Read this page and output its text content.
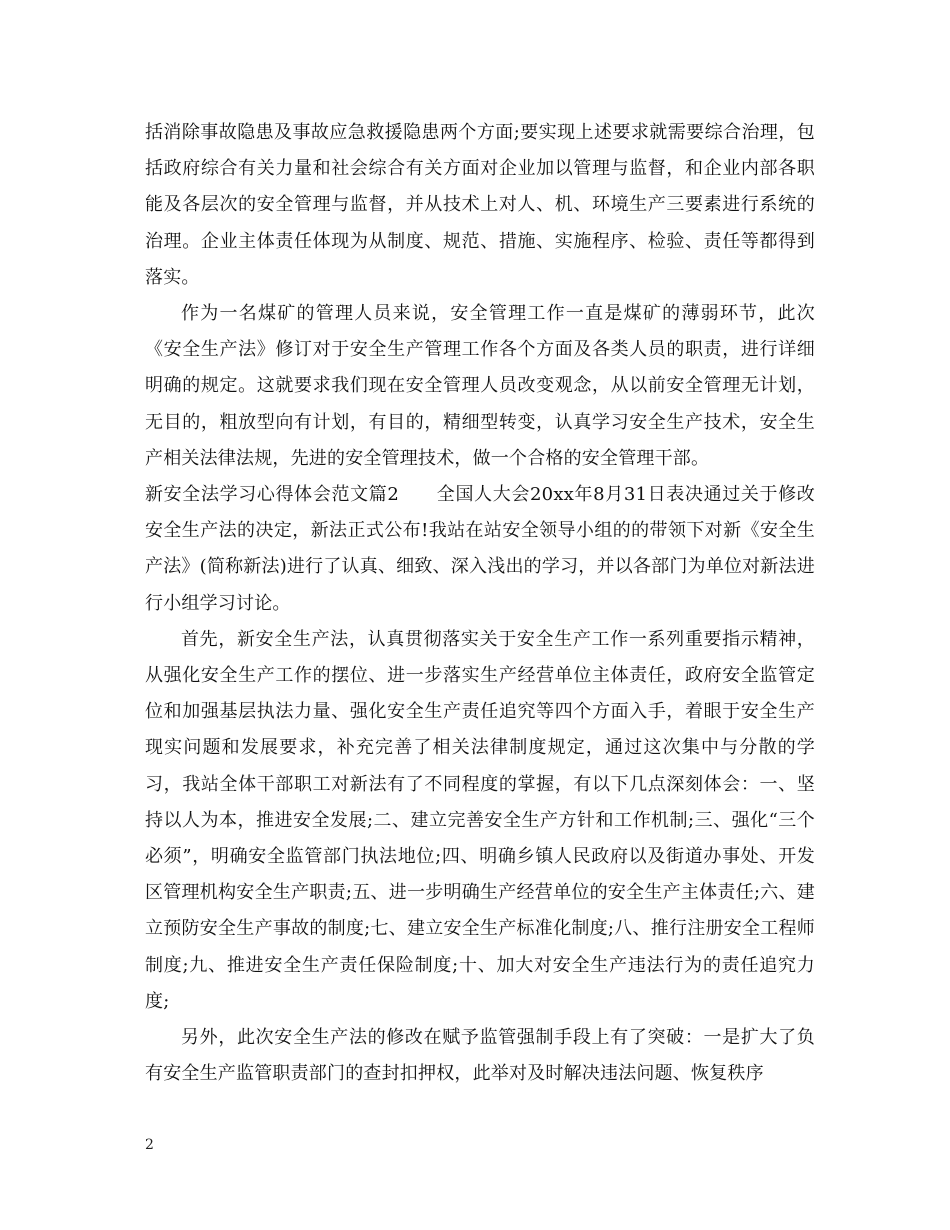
括消除事故隐患及事故应急救援隐患两个方面;要实现上述要求就需要综合治理，包括政府综合有关力量和社会综合有关方面对企业加以管理与监督，和企业内部各职能及各层次的安全管理与监督，并从技术上对人、机、环境生产三要素进行系统的治理。企业主体责任体现为从制度、规范、措施、实施程序、检验、责任等都得到落实。

作为一名煤矿的管理人员来说，安全管理工作一直是煤矿的薄弱环节，此次《安全生产法》修订对于安全生产管理工作各个方面及各类人员的职责，进行详细明确的规定。这就要求我们现在安全管理人员改变观念，从以前安全管理无计划，无目的，粗放型向有计划，有目的，精细型转变，认真学习安全生产技术，安全生产相关法律法规，先进的安全管理技术，做一个合格的安全管理干部。

新安全法学习心得体会范文篇2　　全国人大会20xx年8月31日表决通过关于修改安全生产法的决定，新法正式公布!我站在站安全领导小组的的带领下对新《安全生产法》(简称新法)进行了认真、细致、深入浅出的学习，并以各部门为单位对新法进行小组学习讨论。

首先，新安全生产法，认真贯彻落实关于安全生产工作一系列重要指示精神，从强化安全生产工作的摆位、进一步落实生产经营单位主体责任，政府安全监管定位和加强基层执法力量、强化安全生产责任追究等四个方面入手，着眼于安全生产现实问题和发展要求，补充完善了相关法律制度规定，通过这次集中与分散的学习，我站全体干部职工对新法有了不同程度的掌握，有以下几点深刻体会：一、坚持以人为本，推进安全发展;二、建立完善安全生产方针和工作机制;三、强化“三个必须”，明确安全监管部门执法地位;四、明确乡镇人民政府以及街道办事处、开发区管理机构安全生产职责;五、进一步明确生产经营单位的安全生产主体责任;六、建立预防安全生产事故的制度;七、建立安全生产标准化制度;八、推行注册安全工程师制度;九、推进安全生产责任保险制度;十、加大对安全生产违法行为的责任追究力度;

另外，此次安全生产法的修改在赋予监管强制手段上有了突破：一是扩大了负有安全生产监管职责部门的查封扣押权，此举对及时解决违法问题、恢复秩序

2
